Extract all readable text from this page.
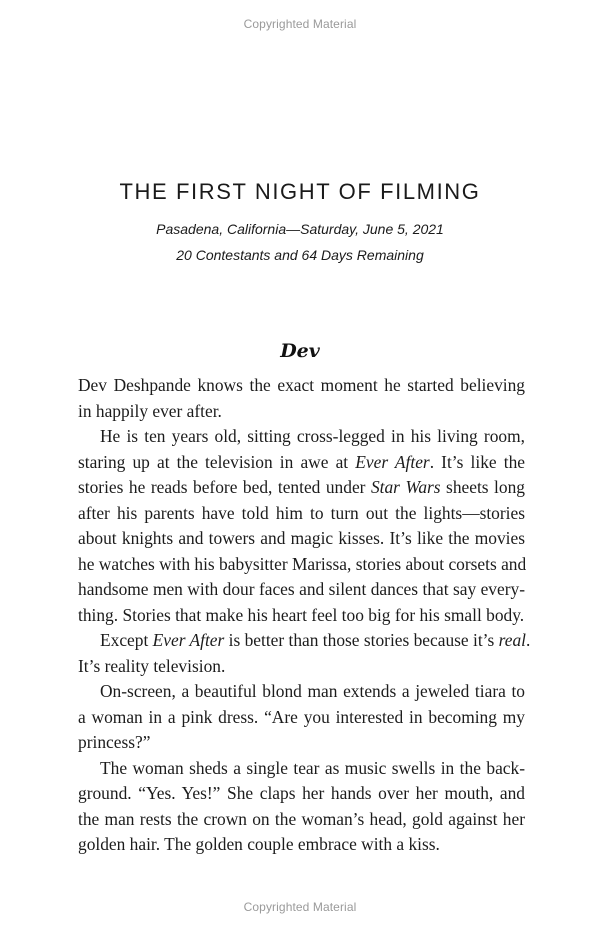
Copyrighted Material
THE FIRST NIGHT OF FILMING
Pasadena, California—Saturday, June 5, 2021
20 Contestants and 64 Days Remaining
Dev
Dev Deshpande knows the exact moment he started believing
in happily ever after.
He is ten years old, sitting cross-legged in his living room,
staring up at the television in awe at Ever After. It’s like the
stories he reads before bed, tented under Star Wars sheets long
after his parents have told him to turn out the lights—stories
about knights and towers and magic kisses. It’s like the movies
he watches with his babysitter Marissa, stories about corsets and
handsome men with dour faces and silent dances that say every-
thing. Stories that make his heart feel too big for his small body.
Except Ever After is better than those stories because it’s real.
It’s reality television.
On-screen, a beautiful blond man extends a jeweled tiara to
a woman in a pink dress. “Are you interested in becoming my
princess?”
The woman sheds a single tear as music swells in the back-
ground. “Yes. Yes!” She claps her hands over her mouth, and
the man rests the crown on the woman’s head, gold against her
golden hair. The golden couple embrace with a kiss.
Copyrighted Material
